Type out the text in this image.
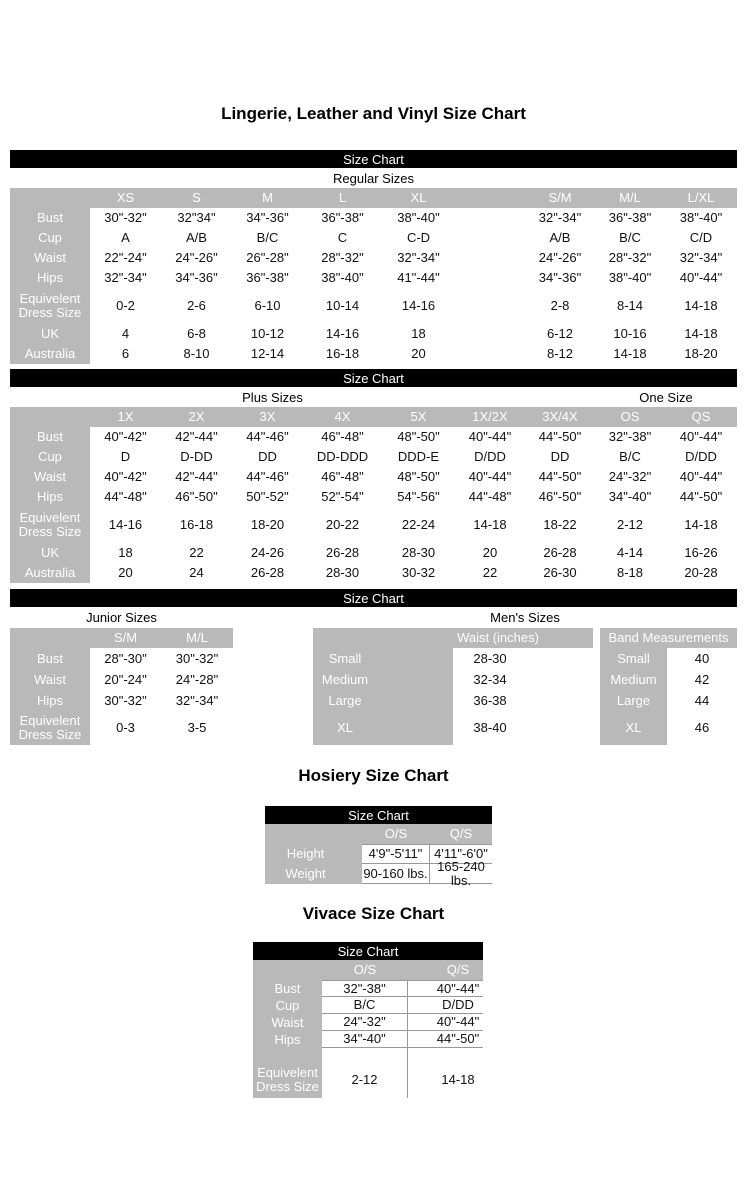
Lingerie, Leather and Vinyl Size Chart
Size Chart
Regular Sizes
XS	S	M	L	XL	S/M	M/L	L/XL
Bust	30"-32"	32"34"	34"-36"	36"-38"	38"-40"	32"-34"	36"-38"	38"-40"
Cup	A	A/B	B/C	C	C-D	A/B	B/C	C/D
Waist	22"-24"	24"-26"	26"-28"	28"-32"	32"-34"	24"-26"	28"-32"	32"-34"
Hips	32"-34"	34"-36"	36"-38"	38"-40"	41"-44"	34"-36"	38"-40"	40"-44"
Equivelent Dress Size	0-2	2-6	6-10	10-14	14-16	2-8	8-14	14-18
UK	4	6-8	10-12	14-16	18	6-12	10-16	14-18
Australia	6	8-10	12-14	16-18	20	8-12	14-18	18-20
Size Chart
Plus Sizes	One Size
1X	2X	3X	4X	5X	1X/2X	3X/4X	OS	QS
Bust	40"-42"	42"-44"	44"-46"	46"-48"	48"-50"	40"-44"	44"-50"	32"-38"	40"-44"
Cup	D	D-DD	DD	DD-DDD	DDD-E	D/DD	DD	B/C	D/DD
Waist	40"-42"	42"-44"	44"-46"	46"-48"	48"-50"	40"-44"	44"-50"	24"-32"	40"-44"
Hips	44"-48"	46"-50"	50"-52"	52"-54"	54"-56"	44"-48"	46"-50"	34"-40"	44"-50"
Equivelent Dress Size	14-16	16-18	18-20	20-22	22-24	14-18	18-22	2-12	14-18
UK	18	22	24-26	26-28	28-30	20	26-28	4-14	16-26
Australia	20	24	26-28	28-30	30-32	22	26-30	8-18	20-28
Size Chart
Junior Sizes
S/M	M/L
Bust	28"-30"	30"-32"
Waist	20"-24"	24"-28"
Hips	30"-32"	32"-34"
Equivelent Dress Size	0-3	3-5
Men's Sizes
Waist (inches)	Band Measurements
Small	28-30	Small	40
Medium	32-34	Medium	42
Large	36-38	Large	44
XL	38-40	XL	46
Hosiery Size Chart
Size Chart
O/S	Q/S
Height	4'9"-5'11" 4'11"-6'0"
Weight	90-160 lbs. 165-240 lbs.
Vivace Size Chart
Size Chart
O/S	Q/S
Bust	32"-38"	40"-44"
Cup	B/C	D/DD
Waist	24"-32"	40"-44"
Hips	34"-40"	44"-50"
Equivelent Dress Size	2-12	14-18
